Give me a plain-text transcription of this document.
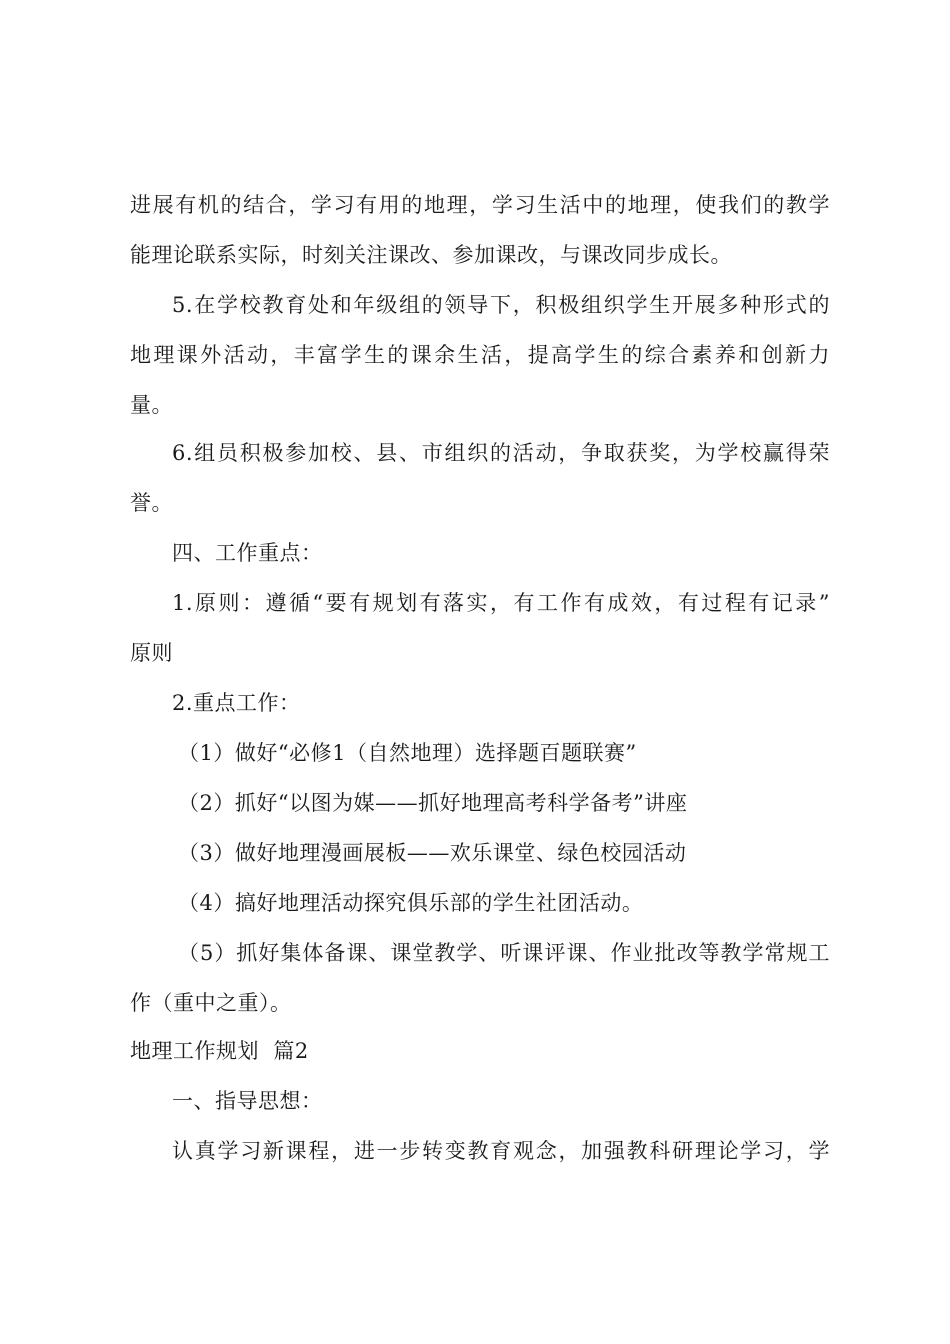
进展有机的结合，学习有用的地理，学习生活中的地理，使我们的教学
能理论联系实际，时刻关注课改、参加课改，与课改同步成长。
5.在学校教育处和年级组的领导下，积极组织学生开展多种形式的
地理课外活动，丰富学生的课余生活，提高学生的综合素养和创新力
量。
6.组员积极参加校、县、市组织的活动，争取获奖，为学校赢得荣
誉。
四、工作重点：
1.原则：遵循“要有规划有落实，有工作有成效，有过程有记录”
原则
2.重点工作：
（1）做好“必修1（自然地理）选择题百题联赛”
（2）抓好“以图为媒——抓好地理高考科学备考”讲座
（3）做好地理漫画展板——欢乐课堂、绿色校园活动
（4）搞好地理活动探究俱乐部的学生社团活动。
（5）抓好集体备课、课堂教学、听课评课、作业批改等教学常规工
作（重中之重）。
地理工作规划  篇2
一、指导思想：
认真学习新课程，进一步转变教育观念，加强教科研理论学习，学
